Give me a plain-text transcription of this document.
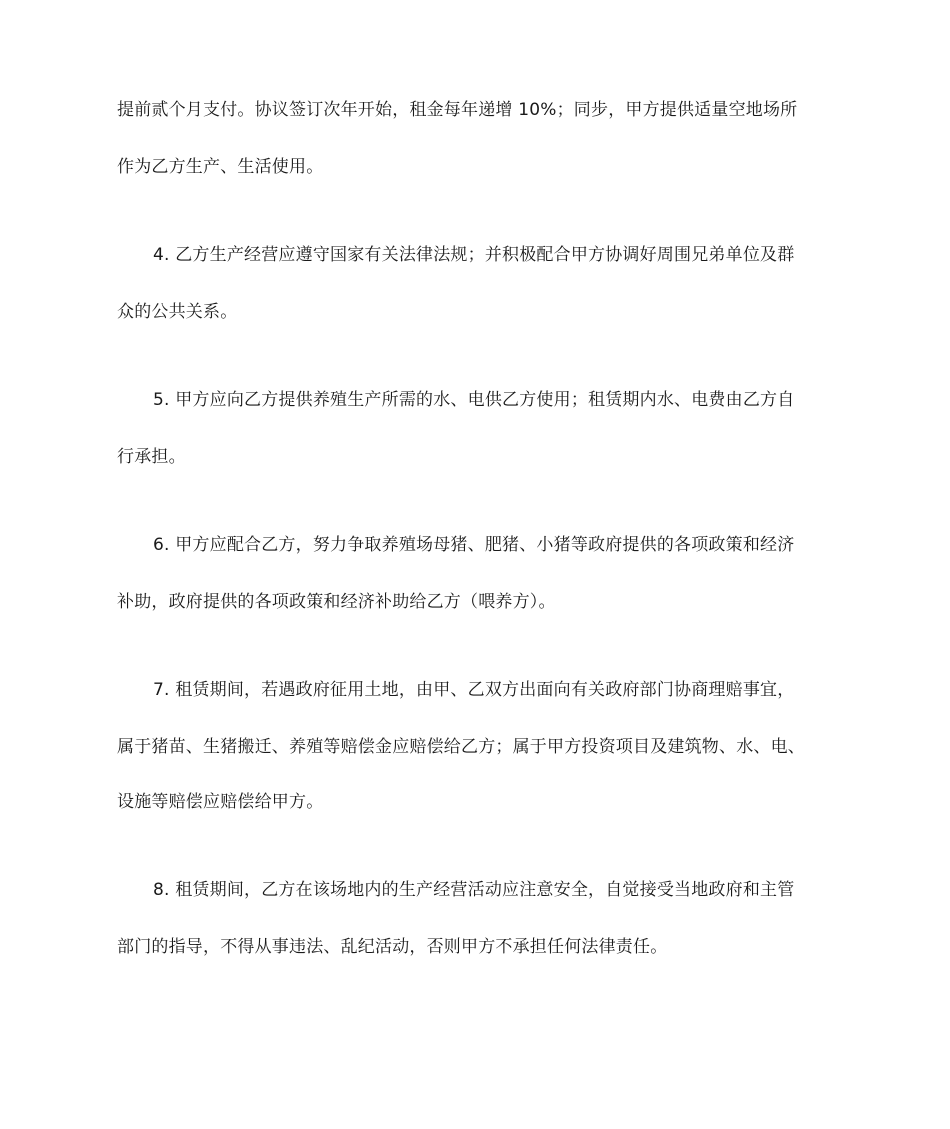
提前贰个月支付。协议签订次年开始，租金每年递增 10%；同步，甲方提供适量空地场所
作为乙方生产、生活使用。
4. 乙方生产经营应遵守国家有关法律法规；并积极配合甲方协调好周围兄弟单位及群
众的公共关系。
5. 甲方应向乙方提供养殖生产所需的水、电供乙方使用；租赁期内水、电费由乙方自
行承担。
6. 甲方应配合乙方，努力争取养殖场母猪、肥猪、小猪等政府提供的各项政策和经济
补助，政府提供的各项政策和经济补助给乙方（喂养方）。
7. 租赁期间，若遇政府征用土地，由甲、乙双方出面向有关政府部门协商理赔事宜，
属于猪苗、生猪搬迁、养殖等赔偿金应赔偿给乙方；属于甲方投资项目及建筑物、水、电、
设施等赔偿应赔偿给甲方。
8. 租赁期间，乙方在该场地内的生产经营活动应注意安全，自觉接受当地政府和主管
部门的指导，不得从事违法、乱纪活动，否则甲方不承担任何法律责任。
